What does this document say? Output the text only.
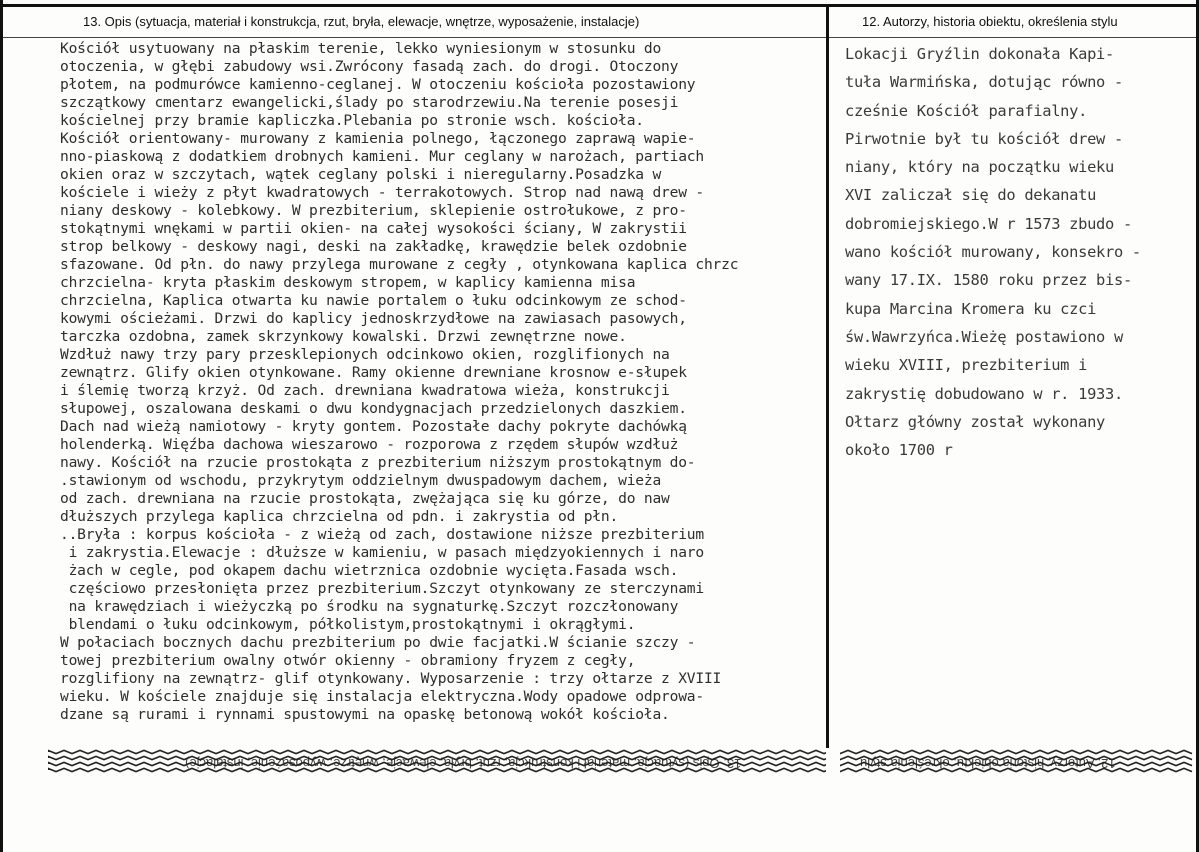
13. Opis (sytuacja, materiał i konstrukcja, rzut, bryła, elewacje, wnętrze, wyposażenie, instalacje)	12. Autorzy, historia obiektu, określenia stylu
Kościół usytuowany na płaskim terenie, lekko wyniesionym w stosunku do
otoczenia, w głębi zabudowy wsi.Zwrócony fasadą zach. do drogi. Otoczony
płotem, na podmurówce kamienno-ceglanej. W otoczeniu kościoła pozostawiony
szczątkowy cmentarz ewangelicki,ślady po starodrzewiu.Na terenie posesji
kościelnej przy bramie kapliczka.Plebania po stronie wsch. kościoła.
Kościół orientowany- murowany z kamienia polnego, łączonego zaprawą wapie-
nno-piaskową z dodatkiem drobnych kamieni. Mur ceglany w narożach, partiach
okien oraz w szczytach, wątek ceglany polski i nieregularny.Posadzka w
kościele i wieży z płyt kwadratowych - terrakotowych. Strop nad nawą drew -
niany deskowy - kolebkowy. W prezbiterium, sklepienie ostrołukowe, z pro-
stokątnymi wnękami w partii okien- na całej wysokości ściany, W zakrystii
strop belkowy - deskowy nagi, deski na zakładkę, krawędzie belek ozdobnie
sfazowane. Od płn. do nawy przylega murowane z cegły , otynkowana kaplica chrzc
chrzcielna- kryta płaskim deskowym stropem, w kaplicy kamienna misa
chrzcielna, Kaplica otwarta ku nawie portalem o łuku odcinkowym ze schod-
kowymi ościeżami. Drzwi do kaplicy jednoskrzydłowe na zawiasach pasowych,
tarczka ozdobna, zamek skrzynkowy kowalski. Drzwi zewnętrzne nowe.
Wzdłuż nawy trzy pary przesklepionych odcinkowo okien, rozglifionych na
zewnątrz. Glify okien otynkowane. Ramy okienne drewniane krosnow e-słupek
i ślemię tworzą krzyż. Od zach. drewniana kwadratowa wieża, konstrukcji
słupowej, oszalowana deskami o dwu kondygnacjach przedzielonych daszkiem.
Dach nad wieżą namiotowy - kryty gontem. Pozostałe dachy pokryte dachówką
holenderką. Więźba dachowa wieszarowo - rozporowa z rzędem słupów wzdłuż
nawy. Kościół na rzucie prostokąta z prezbiterium niższym prostokątnym do-
.stawionym od wschodu, przykrytym oddzielnym dwuspadowym dachem, wieża
od zach. drewniana na rzucie prostokąta, zwężająca się ku górze, do naw
dłuższych przylega kaplica chrzcielna od pdn. i zakrystia od płn.
..Bryła : korpus kościoła - z wieżą od zach, dostawione niższe prezbiterium
i zakrystia.Elewacje : dłuższe w kamieniu, w pasach międzyokiennych i naro
żach w cegle, pod okapem dachu wietrznica ozdobnie wycięta.Fasada wsch.
częściowo przesłonięta przez prezbiterium.Szczyt otynkowany ze sterczynami
na krawędziach i wieżyczką po środku na sygnaturkę.Szczyt rozczłonowany
blendami o łuku odcinkowym, półkolistym,prostokątnymi i okrągłymi.
W połaciach bocznych dachu prezbiterium po dwie facjatki.W ścianie szczy -
towej prezbiterium owalny otwór okienny - obramiony fryzem z cegły,
rozglifiony na zewnątrz- glif otynkowany. Wyposarzenie : trzy ołtarze z XVIII
wieku. W kościele znajduje się instalacja elektryczna.Wody opadowe odprowa-
dzane są rurami i rynnami spustowymi na opaskę betonową wokół kościoła.
Lokacji Gryźlin dokonała Kapi-
tuła Warmińska, dotując równo -
cześnie Kościół parafialny.
Pirwotnie był tu kościół drew -
niany, który na początku wieku
XVI zaliczał się do dekanatu
dobromiejskiego.W r 1573 zbudo -
wano kościół murowany, konsekro -
wany 17.IX. 1580 roku przez bis-
kupa Marcina Kromera ku czci
św.Wawrzyńca.Wieżę postawiono w
wieku XVIII, prezbiterium i
zakrystię dobudowano w r. 1933.
Ołtarz główny został wykonany
około 1700 r
13. Opis (sytuacja, materiał i konstrukcja, rzut, bryła, elewacje, wnętrze, wyposażenie, instalacje)	12. Autorzy, historia obiektu, określenia stylu
